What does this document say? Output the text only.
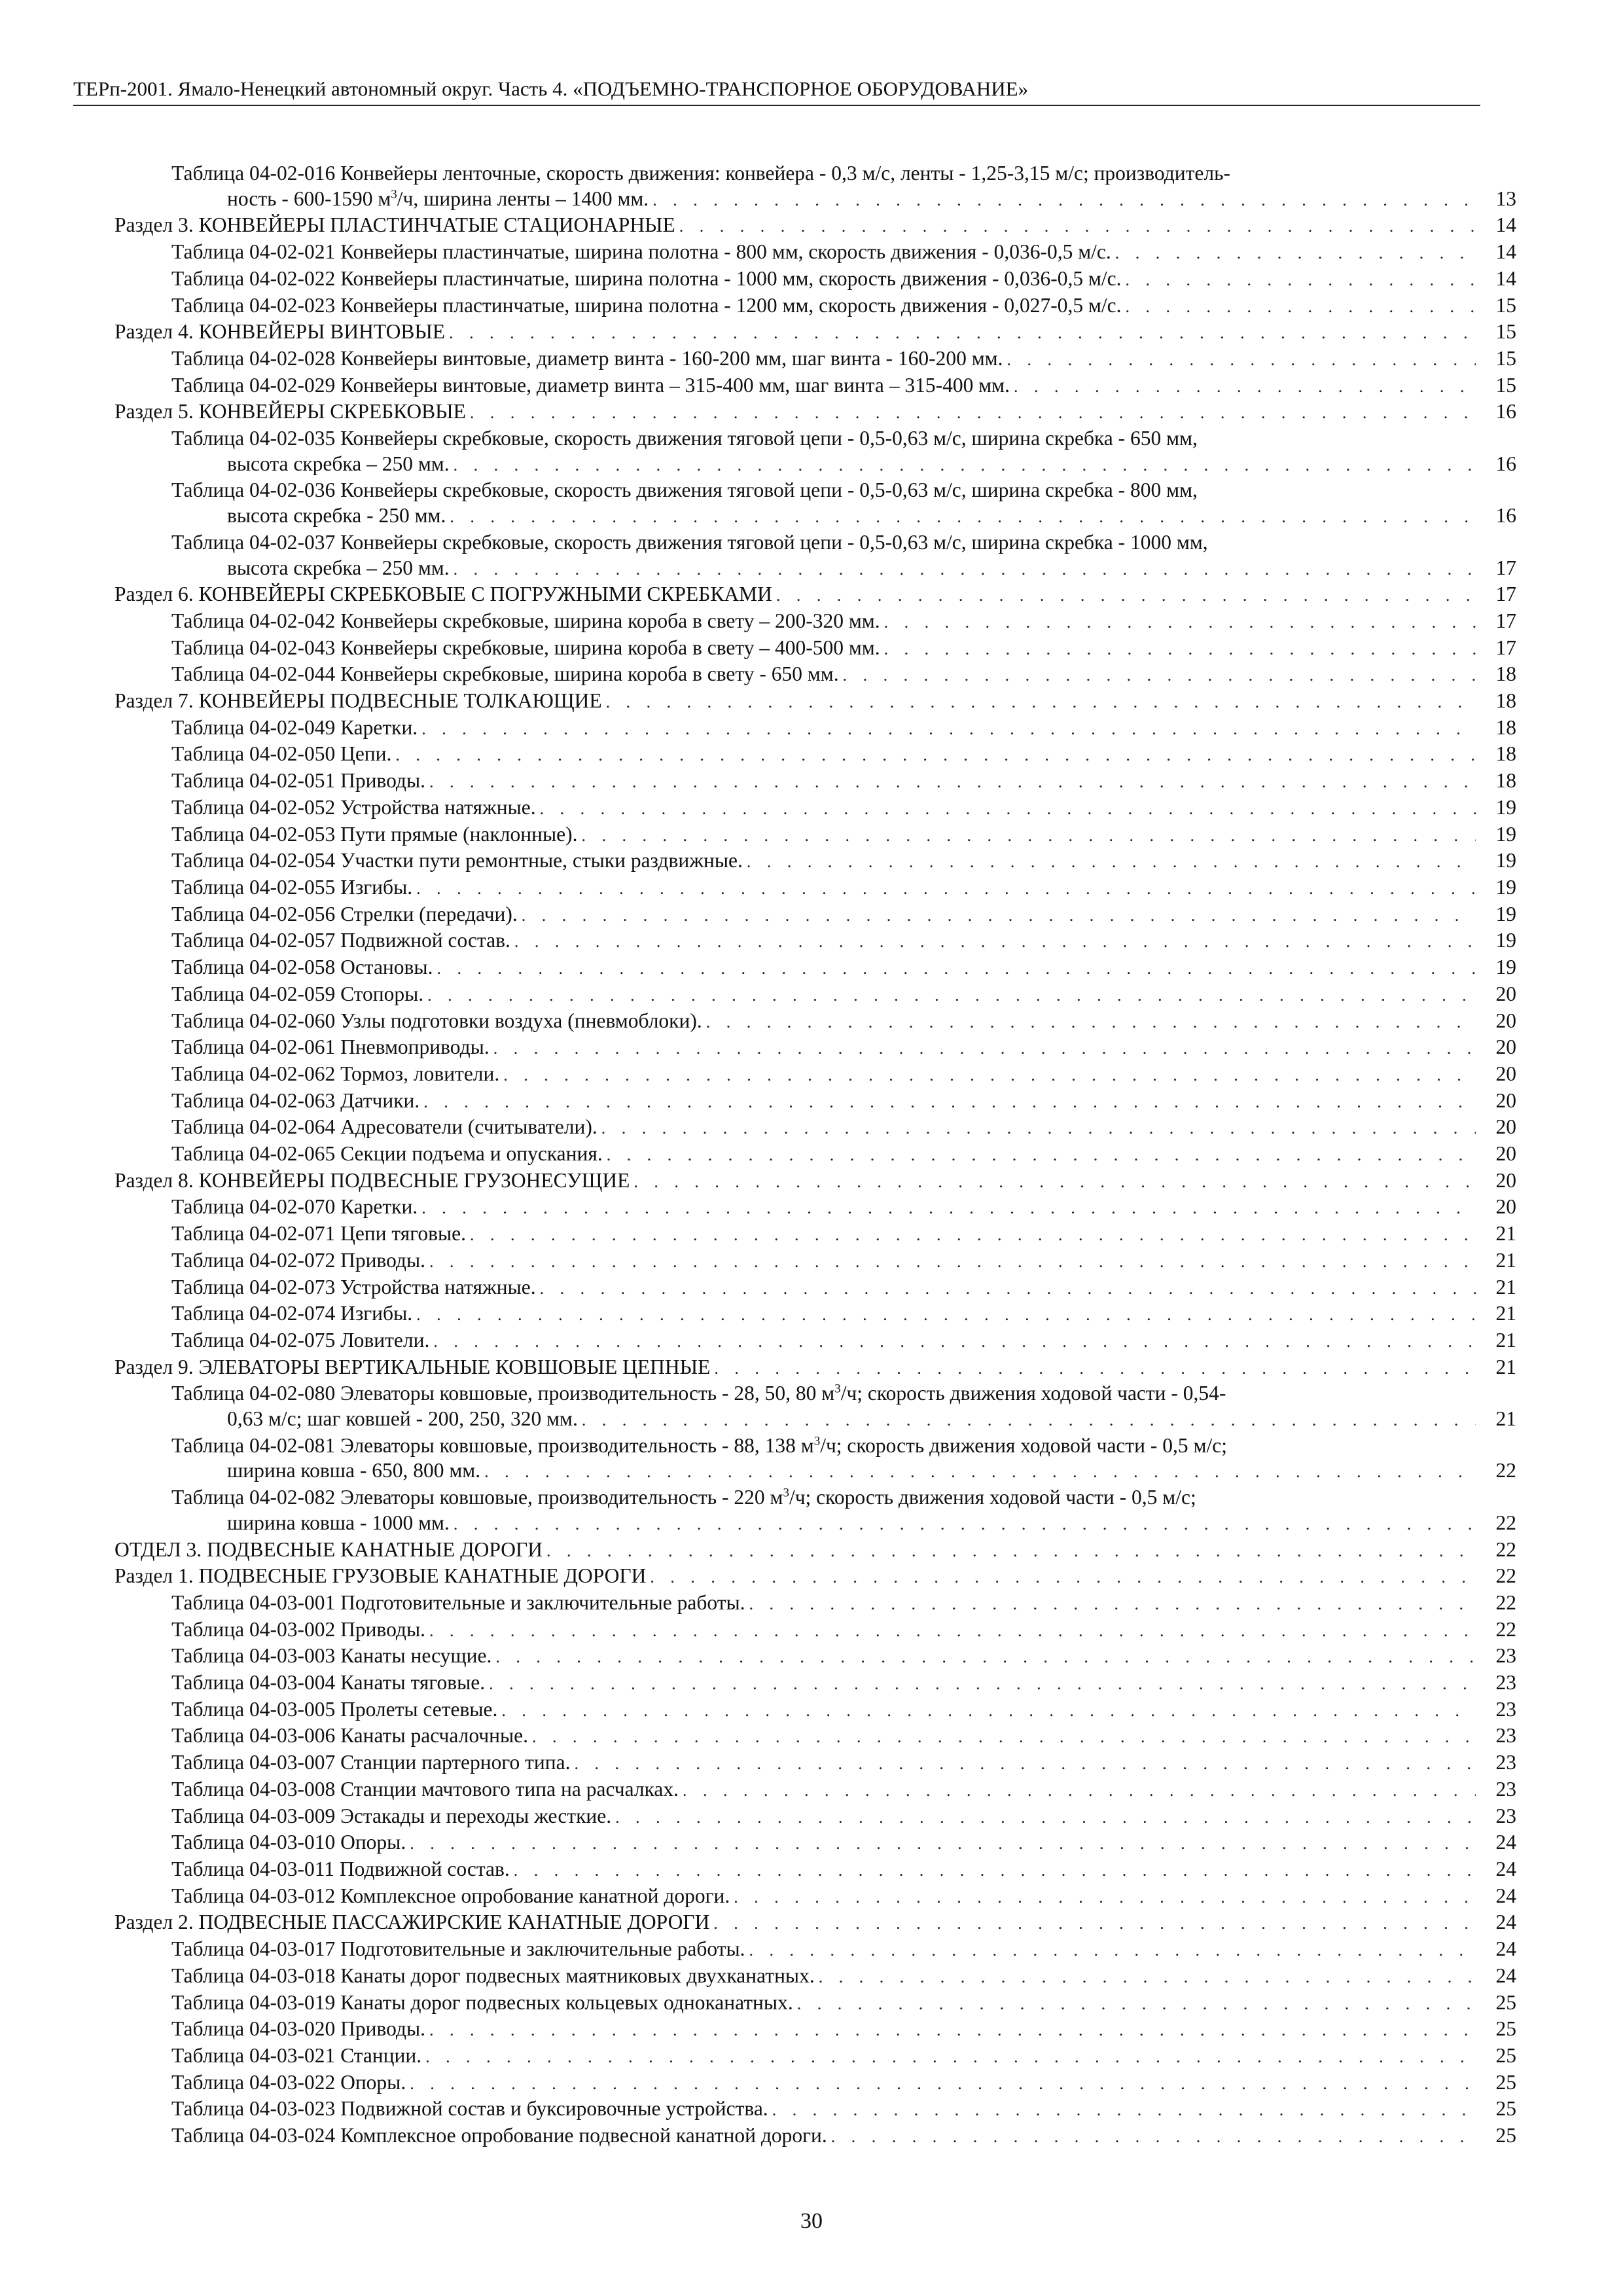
ТЕРп-2001. Ямало-Ненецкий автономный округ. Часть 4. «ПОДЪЕМНО-ТРАНСПОРНОЕ ОБОРУДОВАНИЕ»
Таблица 04-02-016 Конвейеры ленточные, скорость движения: конвейера - 0,3 м/с, ленты - 1,25-3,15 м/с; производитель-
ность - 600-1590 $м^3/ч$, ширина ленты – 1400 мм. . . .	13
Раздел 3. КОНВЕЙЕРЫ ПЛАСТИНЧАТЫЕ СТАЦИОНАРНЫЕ . . .	14
Таблица 04-02-021 Конвейеры пластинчатые, ширина полотна - 800 мм, скорость движения - 0,036-0,5 м/с. . . .	14
Таблица 04-02-022 Конвейеры пластинчатые, ширина полотна - 1000 мм, скорость движения - 0,036-0,5 м/с. . . .	14
Таблица 04-02-023 Конвейеры пластинчатые, ширина полотна - 1200 мм, скорость движения - 0,027-0,5 м/с. . . .	15
Раздел 4. КОНВЕЙЕРЫ ВИНТОВЫЕ . . .	15
Таблица 04-02-028 Конвейеры винтовые, диаметр винта - 160-200 мм, шаг винта - 160-200 мм. . . .	15
Таблица 04-02-029 Конвейеры винтовые, диаметр винта – 315-400 мм, шаг винта – 315-400 мм. . . .	15
Раздел 5. КОНВЕЙЕРЫ СКРЕБКОВЫЕ . . .	16
Таблица 04-02-035 Конвейеры скребковые, скорость движения тяговой цепи - 0,5-0,63 м/с, ширина скребка - 650 мм,
высота скребка – 250 мм. . . .	16
Таблица 04-02-036 Конвейеры скребковые, скорость движения тяговой цепи - 0,5-0,63 м/с, ширина скребка - 800 мм,
высота скребка - 250 мм. . . .	16
Таблица 04-02-037 Конвейеры скребковые, скорость движения тяговой цепи - 0,5-0,63 м/с, ширина скребка - 1000 мм,
высота скребка – 250 мм. . . .	17
Раздел 6. КОНВЕЙЕРЫ СКРЕБКОВЫЕ С ПОГРУЖНЫМИ СКРЕБКАМИ . . .	17
Таблица 04-02-042 Конвейеры скребковые, ширина короба в свету – 200-320 мм. . . .	17
Таблица 04-02-043 Конвейеры скребковые, ширина короба в свету – 400-500 мм. . . .	17
Таблица 04-02-044 Конвейеры скребковые, ширина короба в свету - 650 мм. . . .	18
Раздел 7. КОНВЕЙЕРЫ ПОДВЕСНЫЕ ТОЛКАЮЩИЕ . . .	18
Таблица 04-02-049 Каретки. . . .	18
Таблица 04-02-050 Цепи. . . .	18
Таблица 04-02-051 Приводы. . . .	18
Таблица 04-02-052 Устройства натяжные. . . .	19
Таблица 04-02-053 Пути прямые (наклонные). . . .	19
Таблица 04-02-054 Участки пути ремонтные, стыки раздвижные. . . .	19
Таблица 04-02-055 Изгибы. . . .	19
Таблица 04-02-056 Стрелки (передачи). . . .	19
Таблица 04-02-057 Подвижной состав. . . .	19
Таблица 04-02-058 Остановы. . . .	19
Таблица 04-02-059 Стопоры. . . .	20
Таблица 04-02-060 Узлы подготовки воздуха (пневмоблоки). . . .	20
Таблица 04-02-061 Пневмоприводы. . . .	20
Таблица 04-02-062 Тормоз, ловители. . . .	20
Таблица 04-02-063 Датчики. . . .	20
Таблица 04-02-064 Адресователи (считыватели). . . .	20
Таблица 04-02-065 Секции подъема и опускания. . . .	20
Раздел 8. КОНВЕЙЕРЫ ПОДВЕСНЫЕ ГРУЗОНЕСУЩИЕ . . .	20
Таблица 04-02-070 Каретки. . . .	20
Таблица 04-02-071 Цепи тяговые. . . .	21
Таблица 04-02-072 Приводы. . . .	21
Таблица 04-02-073 Устройства натяжные. . . .	21
Таблица 04-02-074 Изгибы. . . .	21
Таблица 04-02-075 Ловители. . . .	21
Раздел 9. ЭЛЕВАТОРЫ ВЕРТИКАЛЬНЫЕ КОВШОВЫЕ ЦЕПНЫЕ . . .	21
Таблица 04-02-080 Элеваторы ковшовые, производительность - 28, 50, 80 $м^3/ч$; скорость движения ходовой части - 0,54-
0,63 м/с; шаг ковшей - 200, 250, 320 мм. . . .	21
Таблица 04-02-081 Элеваторы ковшовые, производительность - 88, 138 $м^3/ч$; скорость движения ходовой части - 0,5 м/с;
ширина ковша - 650, 800 мм. . . .	22
Таблица 04-02-082 Элеваторы ковшовые, производительность - 220 $м^3/ч$; скорость движения ходовой части - 0,5 м/с;
ширина ковша - 1000 мм. . . .	22
ОТДЕЛ 3. ПОДВЕСНЫЕ КАНАТНЫЕ ДОРОГИ . . .	22
Раздел 1. ПОДВЕСНЫЕ ГРУЗОВЫЕ КАНАТНЫЕ ДОРОГИ . . .	22
Таблица 04-03-001 Подготовительные и заключительные работы. . . .	22
Таблица 04-03-002 Приводы. . . .	22
Таблица 04-03-003 Канаты несущие. . . .	23
Таблица 04-03-004 Канаты тяговые. . . .	23
Таблица 04-03-005 Пролеты сетевые. . . .	23
Таблица 04-03-006 Канаты расчалочные. . . .	23
Таблица 04-03-007 Станции партерного типа. . . .	23
Таблица 04-03-008 Станции мачтового типа на расчалках. . . .	23
Таблица 04-03-009 Эстакады и переходы жесткие. . . .	23
Таблица 04-03-010 Опоры. . . .	24
Таблица 04-03-011 Подвижной состав. . . .	24
Таблица 04-03-012 Комплексное опробование канатной дороги. . . .	24
Раздел 2. ПОДВЕСНЫЕ ПАССАЖИРСКИЕ КАНАТНЫЕ ДОРОГИ . . .	24
Таблица 04-03-017 Подготовительные и заключительные работы. . . .	24
Таблица 04-03-018 Канаты дорог подвесных маятниковых двухканатных. . . .	24
Таблица 04-03-019 Канаты дорог подвесных кольцевых одноканатных. . . .	25
Таблица 04-03-020 Приводы. . . .	25
Таблица 04-03-021 Станции. . . .	25
Таблица 04-03-022 Опоры. . . .	25
Таблица 04-03-023 Подвижной состав и буксировочные устройства. . . .	25
Таблица 04-03-024 Комплексное опробование подвесной канатной дороги. . . .	25
30
